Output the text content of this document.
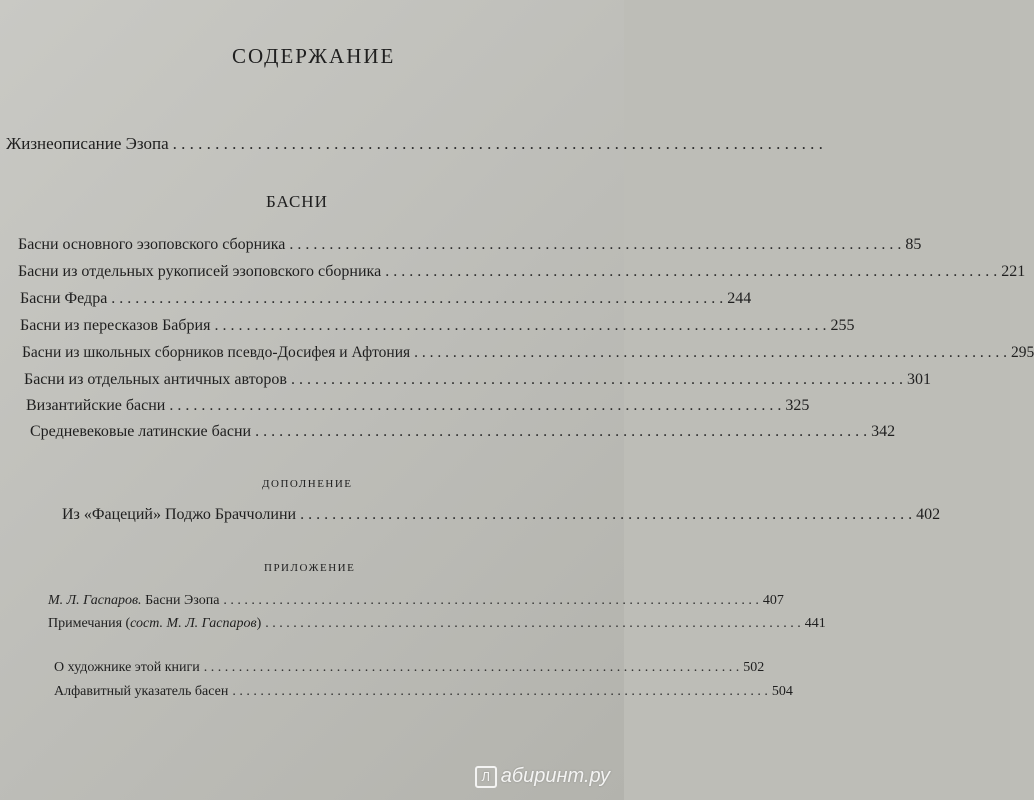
СОДЕРЖАНИЕ
Жизнеописание Эзопа
. . .
БАСНИ
Басни основного эзоповского сборника . . .	85
Басни из отдельных рукописей эзоповского сборника . . .	221
Басни Федра . . .	244
Басни из пересказов Бабрия . . .	255
Басни из школьных сборников псевдо-Досифея и Афтония . . .	295
Басни из отдельных античных авторов . . .	301
Византийские басни . . .	325
Средневековые латинские басни . . .	342
ДОПОЛНЕНИЕ
Из «Фацеций» Поджо Браччолини . . .	402
ПРИЛОЖЕНИЕ
М. Л. Гаспаров. Басни Эзопа . . .	407
Примечания (сост. М. Л. Гаспаров) . . .	441
О художнике этой книги . . .	502
Алфавитный указатель басен . . .	504
Л абиринт.ру
